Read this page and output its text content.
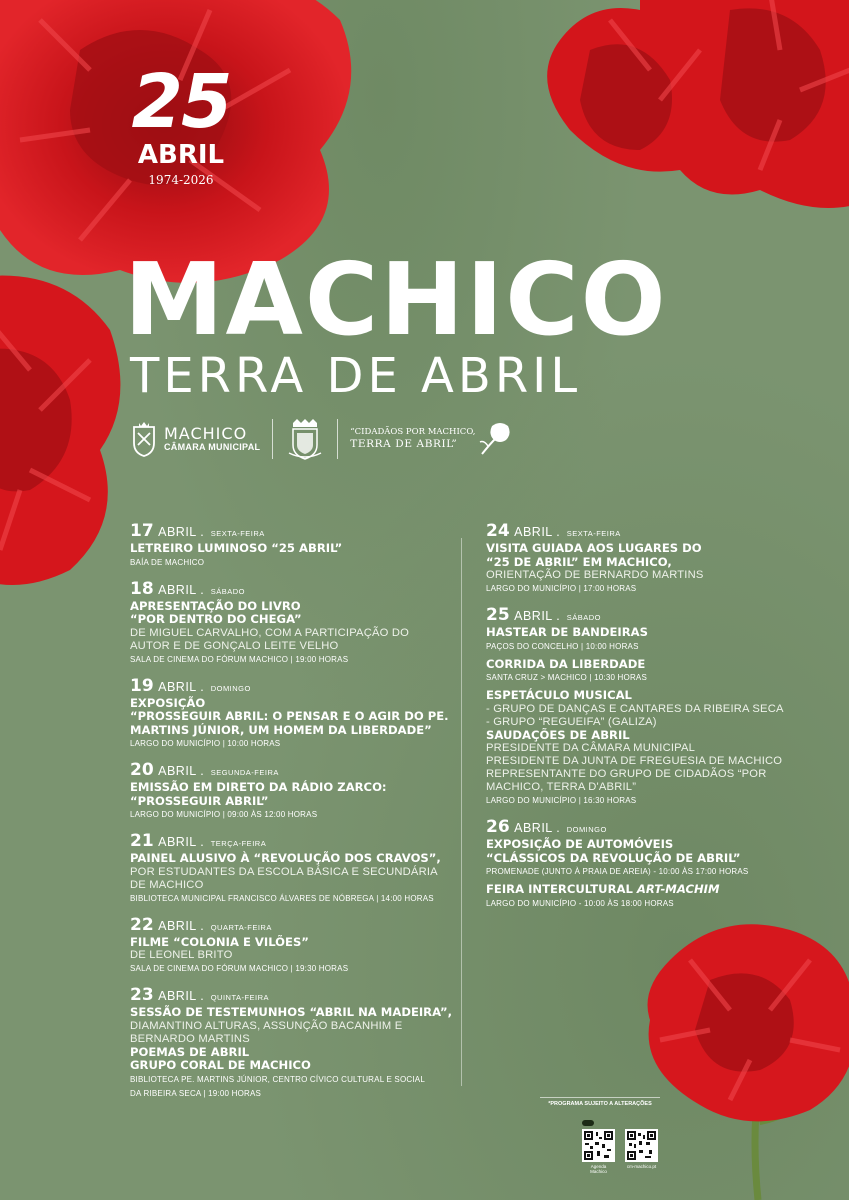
25
ABRIL
1974-2026
MACHICO
TERRA DE ABRIL
MACHICO
CÂMARA MUNICIPAL
“CIDADÃOS POR MACHICO,
TERRA DE ABRIL”
17 ABRIL . SEXTA-FEIRA
LETREIRO LUMINOSO “25 ABRIL”
BAÍA DE MACHICO
18 ABRIL . SÁBADO
APRESENTAÇÃO DO LIVRO
“POR DENTRO DO CHEGA”
DE MIGUEL CARVALHO, COM A PARTICIPAÇÃO DO
AUTOR E DE GONÇALO LEITE VELHO
SALA DE CINEMA DO FÓRUM MACHICO | 19:00 HORAS
19 ABRIL . DOMINGO
EXPOSIÇÃO
“PROSSEGUIR ABRIL: O PENSAR E O AGIR DO PE.
MARTINS JÚNIOR, UM HOMEM DA LIBERDADE”
LARGO DO MUNICÍPIO | 10:00 HORAS
20 ABRIL . SEGUNDA-FEIRA
EMISSÃO EM DIRETO DA RÁDIO ZARCO:
“PROSSEGUIR ABRIL”
LARGO DO MUNICÍPIO | 09:00 ÀS 12:00 HORAS
21 ABRIL . TERÇA-FEIRA
PAINEL ALUSIVO À “REVOLUÇÃO DOS CRAVOS”,
POR ESTUDANTES DA ESCOLA BÁSICA E SECUNDÁRIA
DE MACHICO
BIBLIOTECA MUNICIPAL FRANCISCO ÁLVARES DE NÓBREGA | 14:00 HORAS
22 ABRIL . QUARTA-FEIRA
FILME “COLONIA E VILÕES”
DE LEONEL BRITO
SALA DE CINEMA DO FÓRUM MACHICO | 19:30 HORAS
23 ABRIL . QUINTA-FEIRA
SESSÃO DE TESTEMUNHOS “ABRIL NA MADEIRA”,
DIAMANTINO ALTURAS, ASSUNÇÃO BACANHIM E
BERNARDO MARTINS
POEMAS DE ABRIL
GRUPO CORAL DE MACHICO
BIBLIOTECA PE. MARTINS JÚNIOR, CENTRO CÍVICO CULTURAL E SOCIAL
DA RIBEIRA SECA | 19:00 HORAS
24 ABRIL . SEXTA-FEIRA
VISITA GUIADA AOS LUGARES DO
“25 DE ABRIL” EM MACHICO,
ORIENTAÇÃO DE BERNARDO MARTINS
LARGO DO MUNICÍPIO | 17:00 HORAS
25 ABRIL . SÁBADO
HASTEAR DE BANDEIRAS
PAÇOS DO CONCELHO | 10:00 HORAS
CORRIDA DA LIBERDADE
SANTA CRUZ > MACHICO | 10:30 HORAS
ESPETÁCULO MUSICAL
- GRUPO DE DANÇAS E CANTARES DA RIBEIRA SECA
- GRUPO “REGUEIFA” (GALIZA)
SAUDAÇÕES DE ABRIL
PRESIDENTE DA CÂMARA MUNICIPAL
PRESIDENTE DA JUNTA DE FREGUESIA DE MACHICO
REPRESENTANTE DO GRUPO DE CIDADÃOS “POR
MACHICO, TERRA D'ABRIL”
LARGO DO MUNICÍPIO | 16:30 HORAS
26 ABRIL . DOMINGO
EXPOSIÇÃO DE AUTOMÓVEIS
“CLÁSSICOS DA REVOLUÇÃO DE ABRIL”
PROMENADE (JUNTO À PRAIA DE AREIA) - 10:00 ÀS 17:00 HORAS
FEIRA INTERCULTURAL ART-MACHIM
LARGO DO MUNICÍPIO - 10:00 ÀS 18:00 HORAS
*PROGRAMA SUJEITO A ALTERAÇÕES
Agenda Machico
cm-machico.pt
